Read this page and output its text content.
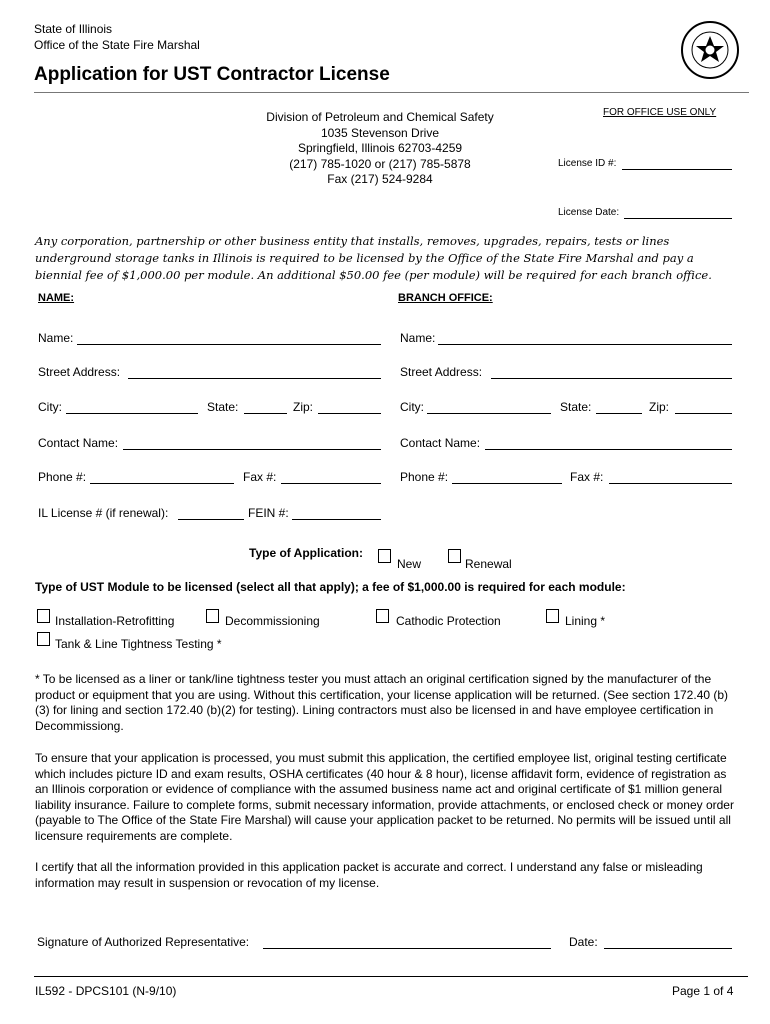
State of Illinois
Office of the State Fire Marshal
Application for UST Contractor License
Division of Petroleum and Chemical Safety
1035 Stevenson Drive
Springfield, Illinois 62703-4259
(217) 785-1020 or (217) 785-5878
Fax (217) 524-9284
FOR OFFICE USE ONLY
License ID #:
License Date:
Any corporation, partnership or other business entity that installs, removes, upgrades, repairs, tests or lines underground storage tanks in Illinois is required to be licensed by the Office of the State Fire Marshal and pay a biennial fee of $1,000.00 per module. An additional $50.00 fee (per module) will be required for each branch office.
NAME:	BRANCH OFFICE:
Name:
Street Address:
City:	State:	Zip:
Contact Name:
Phone #:	Fax #:
IL License # (if renewal):	FEIN #:
Name:
Street Address:
City:	State:	Zip:
Contact Name:
Phone #:	Fax #:
Type of Application:
New	Renewal
Type of UST Module to be licensed (select all that apply); a fee of $1,000.00 is required for each module:
Installation-Retrofitting	Decommissioning	Cathodic Protection	Lining *
Tank & Line Tightness Testing *
* To be licensed as a liner or tank/line tightness tester you must attach an original certification signed by the manufacturer of the product or equipment that you are using. Without this certification, your license application will be returned. (See section 172.40 (b)(3) for lining and section 172.40 (b)(2) for testing). Lining contractors must also be licensed in and have employee certification in Decommissiong.
To ensure that your application is processed, you must submit this application, the certified employee list, original testing certificate which includes picture ID and exam results, OSHA certificates (40 hour & 8 hour), license affidavit form, evidence of registration as an Illinois corporation or evidence of compliance with the assumed business name act and original certificate of $1 million general liability insurance. Failure to complete forms, submit necessary information, provide attachments, or enclosed check or money order (payable to The Office of the State Fire Marshal) will cause your application packet to be returned. No permits will be issued until all licensure requirements are complete.
I certify that all the information provided in this application packet is accurate and correct. I understand any false or misleading information may result in suspension or revocation of my license.
Signature of Authorized Representative:	Date:
IL592 - DPCS101 (N-9/10)	Page 1 of 4
